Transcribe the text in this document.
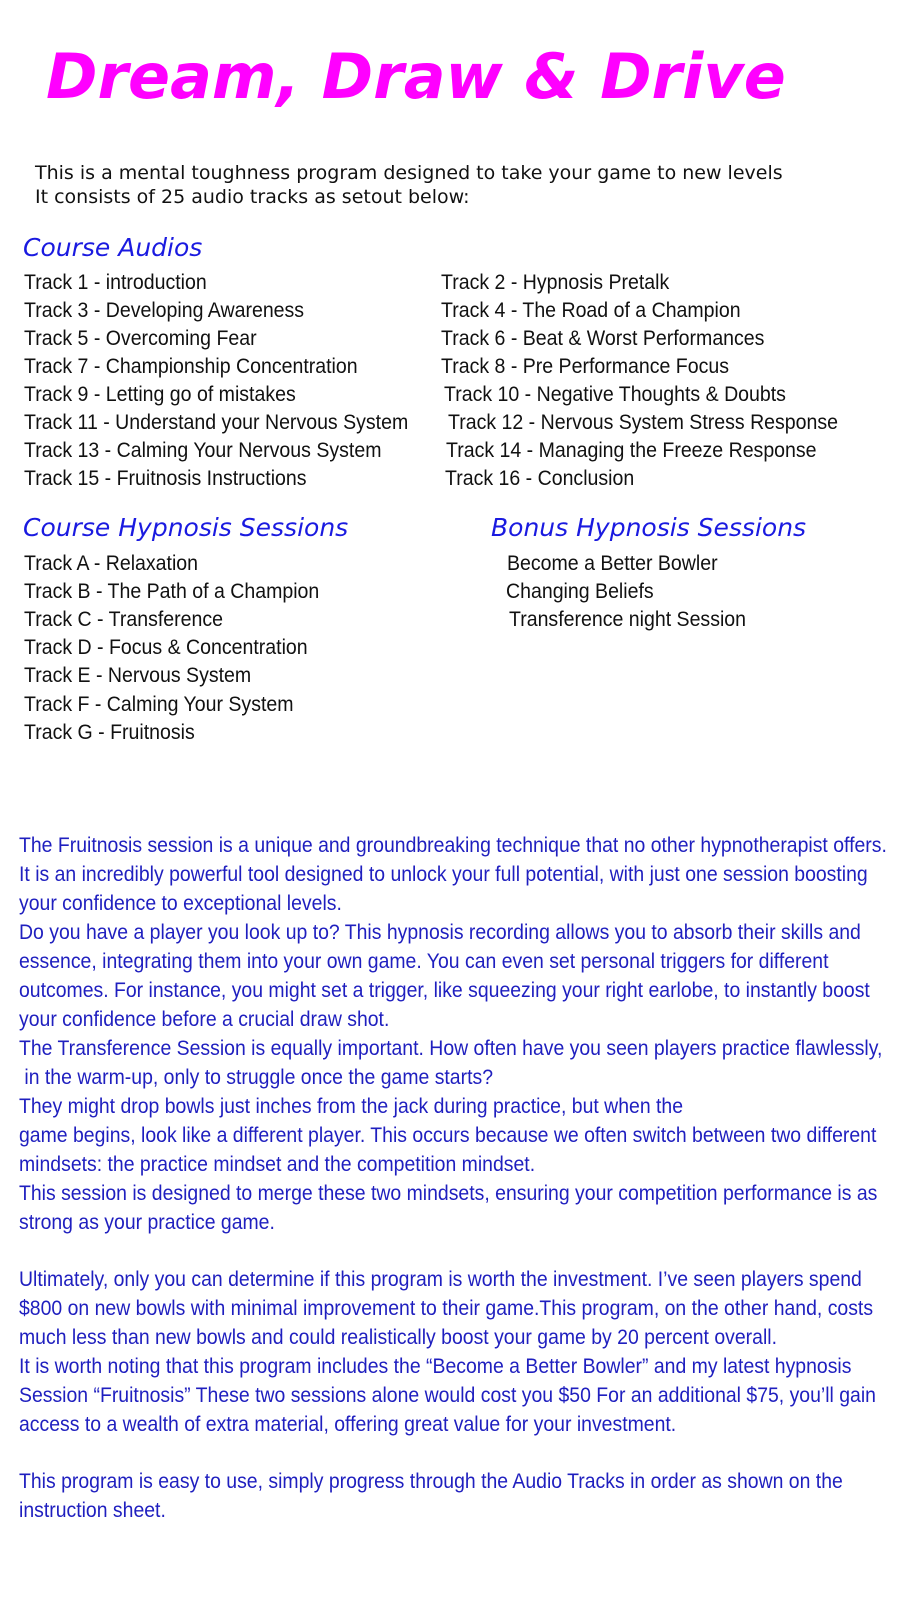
Dream, Draw & Drive
This is a mental toughness program designed to take your game to new levels
It consists of 25 audio tracks as setout below:
Course Audios
Track 1 - introduction
Track 3 - Developing Awareness
Track 5 - Overcoming Fear
Track 7 - Championship Concentration
Track 9 - Letting go of mistakes
Track 11 - Understand your Nervous System
Track 13 - Calming Your Nervous System
Track 15 - Fruitnosis Instructions
Track 2 - Hypnosis Pretalk
Track 4 - The Road of a Champion
Track 6 - Beat & Worst Performances
Track 8 - Pre Performance Focus
Track 10 - Negative Thoughts & Doubts
Track 12 - Nervous System Stress Response
Track 14 - Managing the Freeze Response
Track 16 - Conclusion
Course Hypnosis Sessions	Bonus Hypnosis Sessions
Track A - Relaxation
Track B - The Path of a Champion
Track C - Transference
Track D - Focus & Concentration
Track E - Nervous System
Track F - Calming Your System
Track G - Fruitnosis
Become a Better Bowler
Changing Beliefs
Transference night Session
The Fruitnosis session is a unique and groundbreaking technique that no other hypnotherapist offers.
It is an incredibly powerful tool designed to unlock your full potential, with just one session boosting
your confidence to exceptional levels.
Do you have a player you look up to? This hypnosis recording allows you to absorb their skills and
essence, integrating them into your own game. You can even set personal triggers for different
outcomes. For instance, you might set a trigger, like squeezing your right earlobe, to instantly boost
your confidence before a crucial draw shot.
The Transference Session is equally important. How often have you seen players practice flawlessly,
in the warm-up, only to struggle once the game starts?
They might drop bowls just inches from the jack during practice, but when the
game begins, look like a different player. This occurs because we often switch between two different
mindsets: the practice mindset and the competition mindset.
This session is designed to merge these two mindsets, ensuring your competition performance is as
strong as your practice game.
Ultimately, only you can determine if this program is worth the investment. I’ve seen players spend
$800 on new bowls with minimal improvement to their game.This program, on the other hand, costs
much less than new bowls and could realistically boost your game by 20 percent overall.
It is worth noting that this program includes the “Become a Better Bowler” and my latest hypnosis
Session “Fruitnosis” These two sessions alone would cost you $50 For an additional $75, you’ll gain
access to a wealth of extra material, offering great value for your investment.
This program is easy to use, simply progress through the Audio Tracks in order as shown on the
instruction sheet.
